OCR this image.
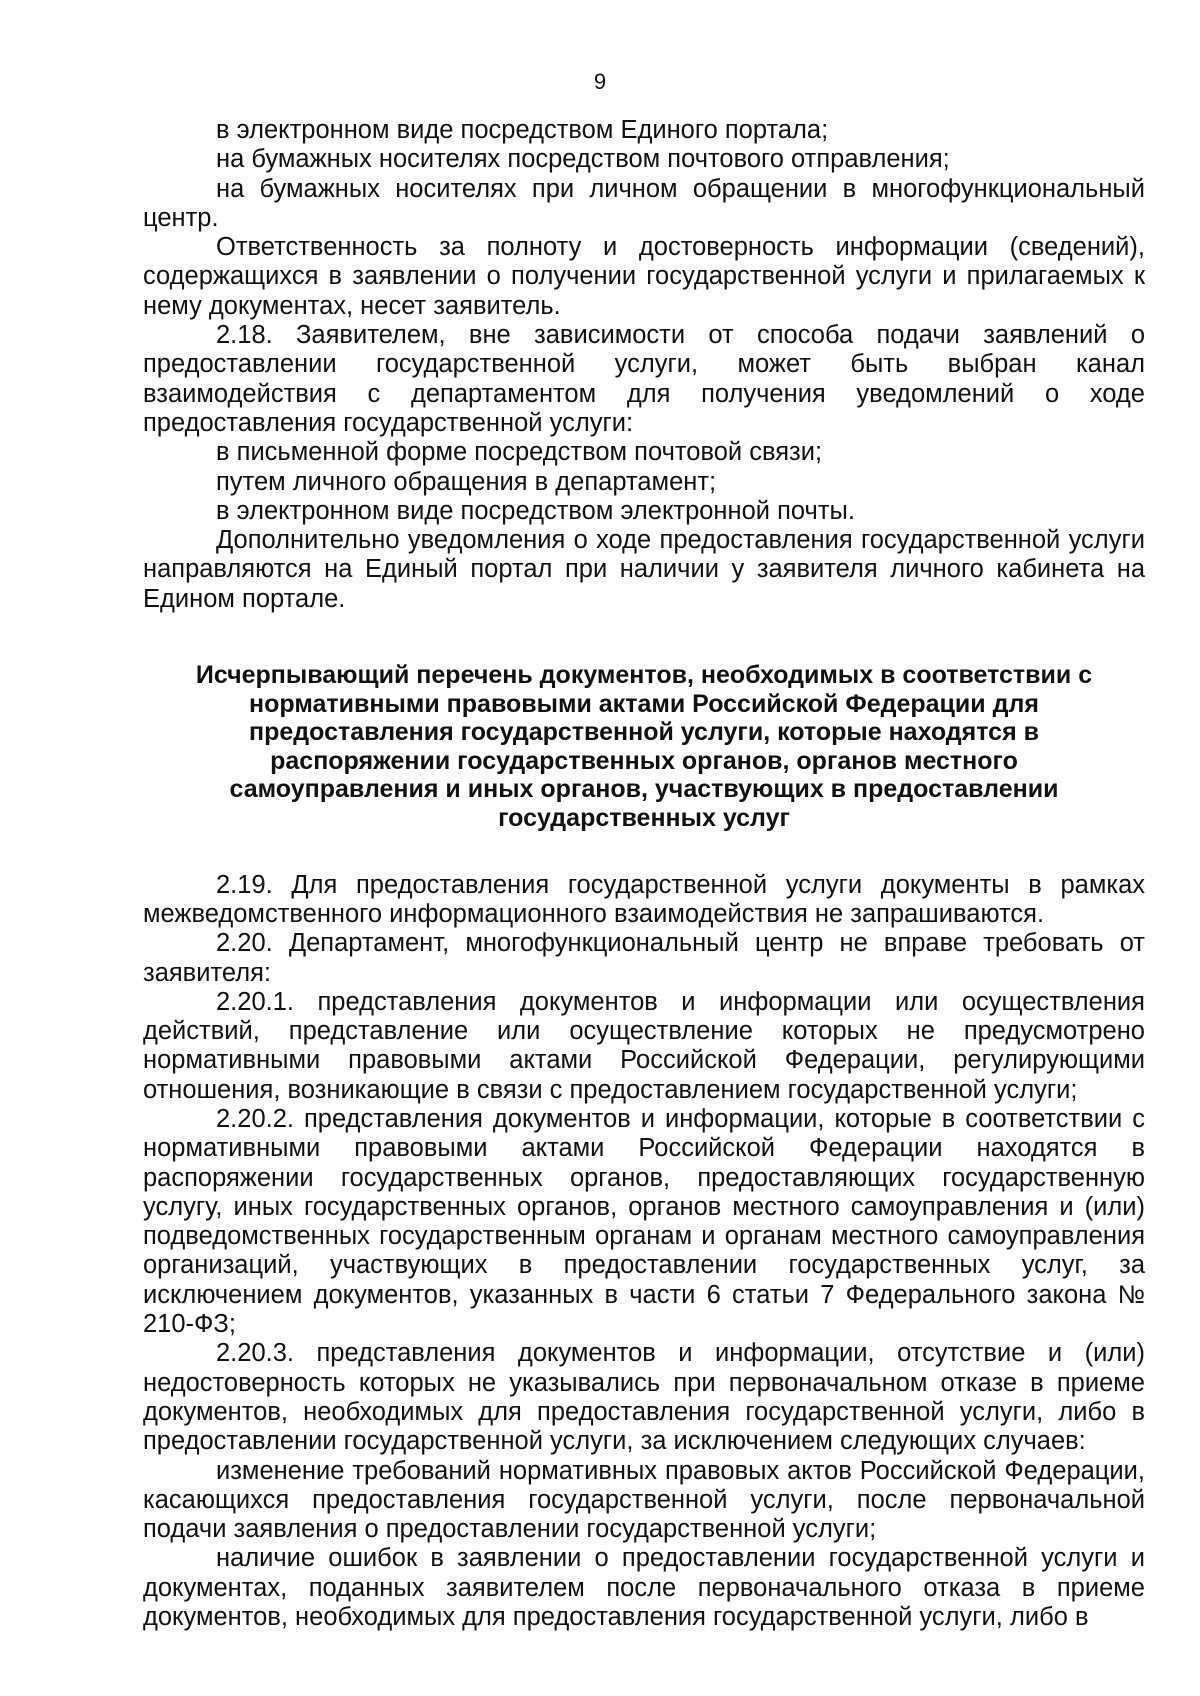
9

в электронном виде посредством Единого портала;

на бумажных носителях посредством почтового отправления;

на бумажных носителях при личном обращении в многофункциональный центр.

Ответственность за полноту и достоверность информации (сведений), содержащихся в заявлении о получении государственной услуги и прилагаемых к нему документах, несет заявитель.

2.18. Заявителем, вне зависимости от способа подачи заявлений о предоставлении государственной услуги, может быть выбран канал взаимодействия с департаментом для получения уведомлений о ходе предоставления государственной услуги:

в письменной форме посредством почтовой связи;

путем личного обращения в департамент;

в электронном виде посредством электронной почты.

Дополнительно уведомления о ходе предоставления государственной услуги направляются на Единый портал при наличии у заявителя личного кабинета на Едином портале.

Исчерпывающий перечень документов, необходимых в соответствии с нормативными правовыми актами Российской Федерации для предоставления государственной услуги, которые находятся в распоряжении государственных органов, органов местного самоуправления и иных органов, участвующих в предоставлении государственных услуг

2.19. Для предоставления государственной услуги документы в рамках межведомственного информационного взаимодействия не запрашиваются.

2.20. Департамент, многофункциональный центр не вправе требовать от заявителя:

2.20.1. представления документов и информации или осуществления действий, представление или осуществление которых не предусмотрено нормативными правовыми актами Российской Федерации, регулирующими отношения, возникающие в связи с предоставлением государственной услуги;

2.20.2. представления документов и информации, которые в соответствии с нормативными правовыми актами Российской Федерации находятся в распоряжении государственных органов, предоставляющих государственную услугу, иных государственных органов, органов местного самоуправления и (или) подведомственных государственным органам и органам местного самоуправления организаций, участвующих в предоставлении государственных услуг, за исключением документов, указанных в части 6 статьи 7 Федерального закона № 210-ФЗ;

2.20.3. представления документов и информации, отсутствие и (или) недостоверность которых не указывались при первоначальном отказе в приеме документов, необходимых для предоставления государственной услуги, либо в предоставлении государственной услуги, за исключением следующих случаев:

изменение требований нормативных правовых актов Российской Федерации, касающихся предоставления государственной услуги, после первоначальной подачи заявления о предоставлении государственной услуги;

наличие ошибок в заявлении о предоставлении государственной услуги и документах, поданных заявителем после первоначального отказа в приеме документов, необходимых для предоставления государственной услуги, либо в
